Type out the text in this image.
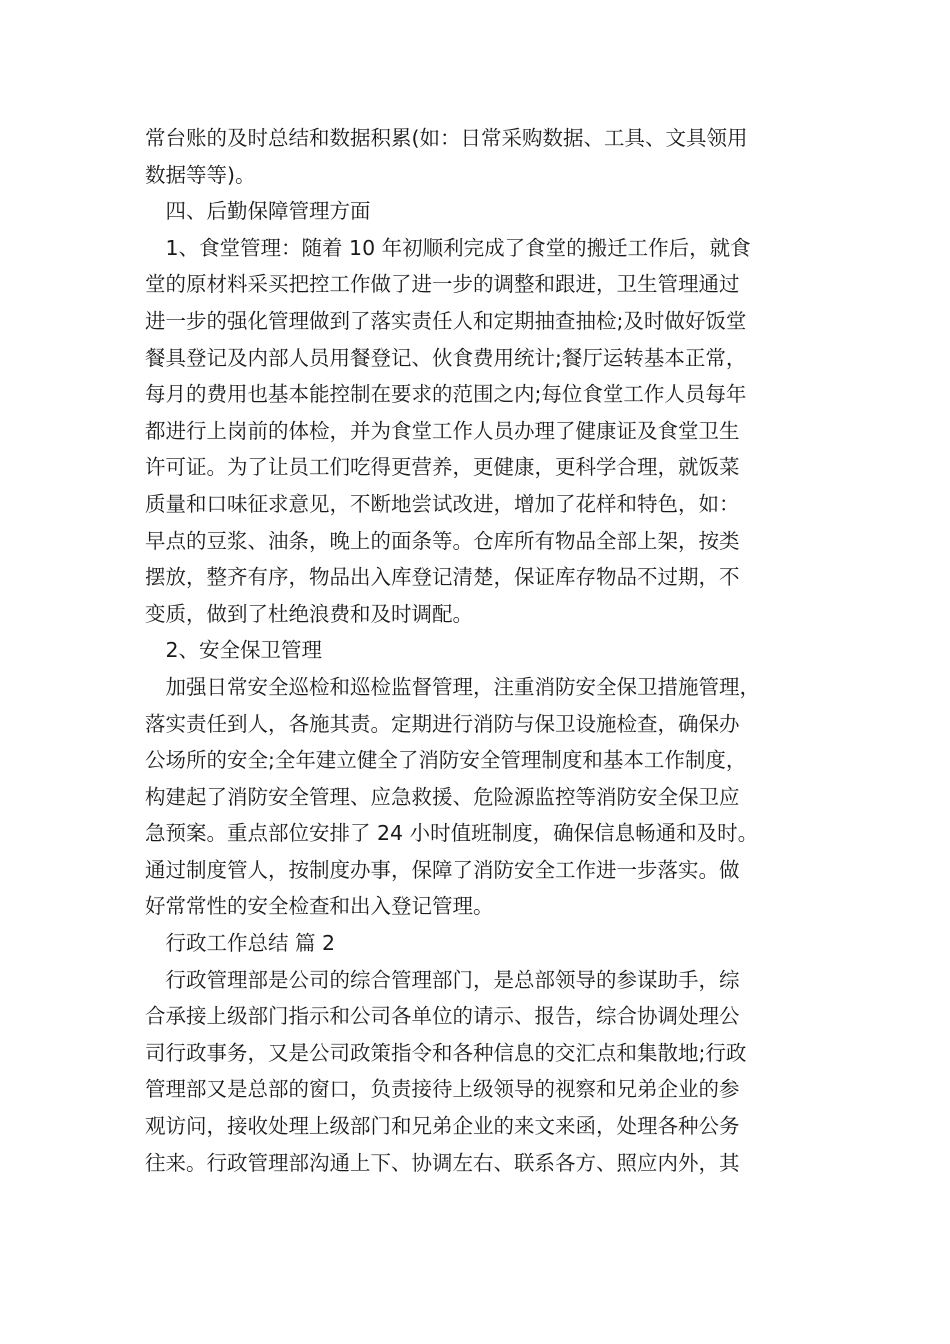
常台账的及时总结和数据积累(如：日常采购数据、工具、文具领用
数据等等)。
　四、后勤保障管理方面
　1、食堂管理：随着 10 年初顺利完成了食堂的搬迁工作后，就食
堂的原材料采买把控工作做了进一步的调整和跟进，卫生管理通过
进一步的强化管理做到了落实责任人和定期抽查抽检;及时做好饭堂
餐具登记及内部人员用餐登记、伙食费用统计;餐厅运转基本正常，
每月的费用也基本能控制在要求的范围之内;每位食堂工作人员每年
都进行上岗前的体检，并为食堂工作人员办理了健康证及食堂卫生
许可证。为了让员工们吃得更营养，更健康，更科学合理，就饭菜
质量和口味征求意见，不断地尝试改进，增加了花样和特色，如：
早点的豆浆、油条，晚上的面条等。仓库所有物品全部上架，按类
摆放，整齐有序，物品出入库登记清楚，保证库存物品不过期，不
变质，做到了杜绝浪费和及时调配。
　2、安全保卫管理
　加强日常安全巡检和巡检监督管理，注重消防安全保卫措施管理，
落实责任到人，各施其责。定期进行消防与保卫设施检查，确保办
公场所的安全;全年建立健全了消防安全管理制度和基本工作制度，
构建起了消防安全管理、应急救援、危险源监控等消防安全保卫应
急预案。重点部位安排了 24 小时值班制度，确保信息畅通和及时。
通过制度管人，按制度办事，保障了消防安全工作进一步落实。做
好常常性的安全检查和出入登记管理。
　行政工作总结 篇 2
　行政管理部是公司的综合管理部门，是总部领导的参谋助手，综
合承接上级部门指示和公司各单位的请示、报告，综合协调处理公
司行政事务，又是公司政策指令和各种信息的交汇点和集散地;行政
管理部又是总部的窗口，负责接待上级领导的视察和兄弟企业的参
观访问，接收处理上级部门和兄弟企业的来文来函，处理各种公务
往来。行政管理部沟通上下、协调左右、联系各方、照应内外，其
